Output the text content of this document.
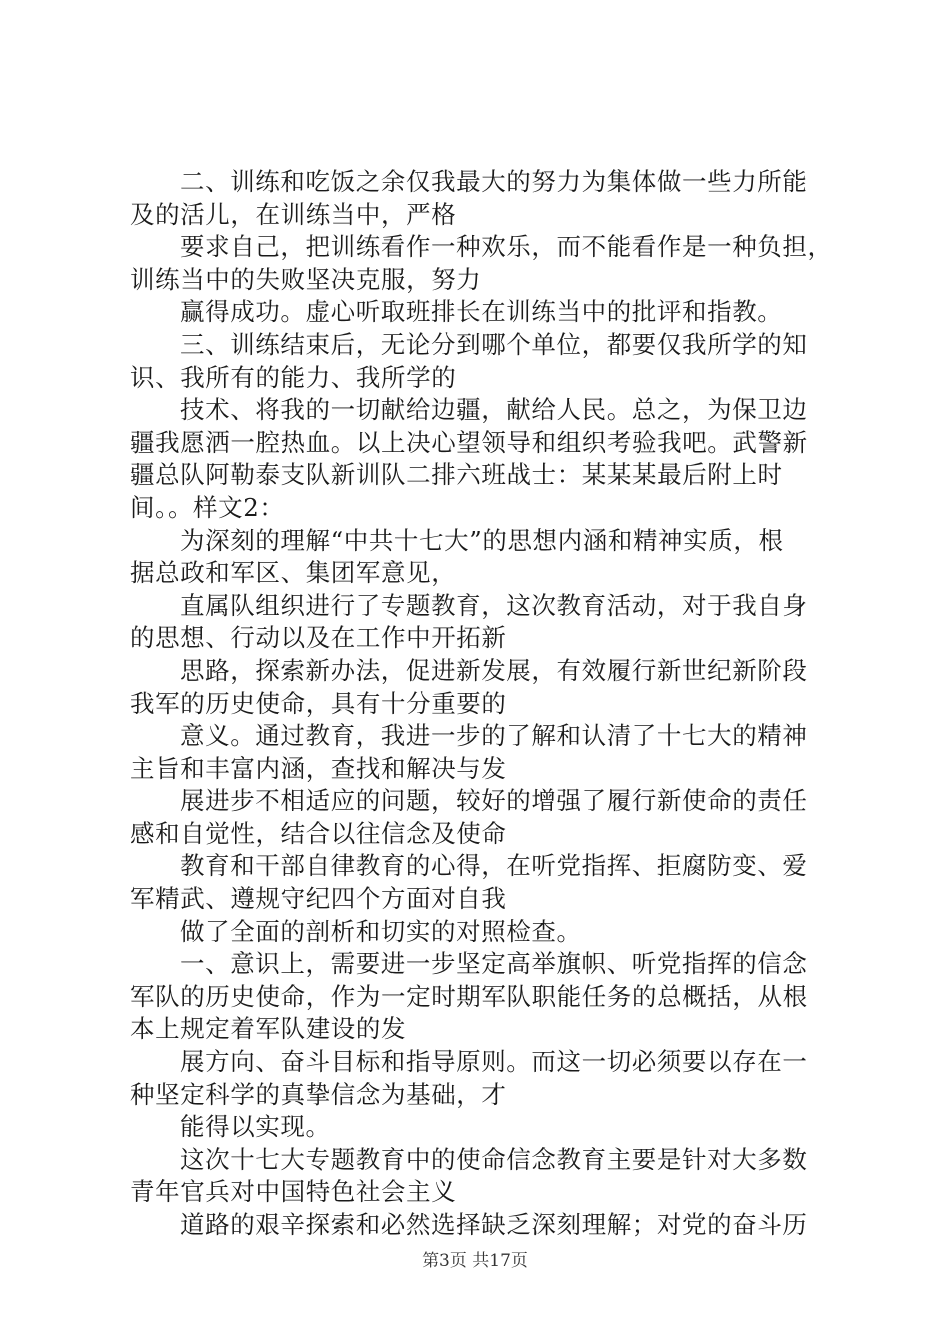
二、训练和吃饭之余仅我最大的努力为集体做一些力所能
及的活儿，在训练当中，严格
要求自己，把训练看作一种欢乐，而不能看作是一种负担，
训练当中的失败坚决克服，努力
赢得成功。虚心听取班排长在训练当中的批评和指教。
三、训练结束后，无论分到哪个单位，都要仅我所学的知
识、我所有的能力、我所学的
技术、将我的一切献给边疆，献给人民。总之，为保卫边
疆我愿洒一腔热血。以上决心望领导和组织考验我吧。武警新
疆总队阿勒泰支队新训队二排六班战士：某某某最后附上时
间。。样文2：
为深刻的理解“中共十七大”的思想内涵和精神实质，根
据总政和军区、集团军意见，
直属队组织进行了专题教育，这次教育活动，对于我自身
的思想、行动以及在工作中开拓新
思路，探索新办法，促进新发展，有效履行新世纪新阶段
我军的历史使命，具有十分重要的
意义。通过教育，我进一步的了解和认清了十七大的精神
主旨和丰富内涵，查找和解决与发
展进步不相适应的问题，较好的增强了履行新使命的责任
感和自觉性，结合以往信念及使命
教育和干部自律教育的心得，在听党指挥、拒腐防变、爱
军精武、遵规守纪四个方面对自我
做了全面的剖析和切实的对照检查。
一、意识上，需要进一步坚定高举旗帜、听党指挥的信念
军队的历史使命，作为一定时期军队职能任务的总概括，从根
本上规定着军队建设的发
展方向、奋斗目标和指导原则。而这一切必须要以存在一
种坚定科学的真挚信念为基础，才
能得以实现。
这次十七大专题教育中的使命信念教育主要是针对大多数
青年官兵对中国特色社会主义
道路的艰辛探索和必然选择缺乏深刻理解；对党的奋斗历
第3页 共17页
